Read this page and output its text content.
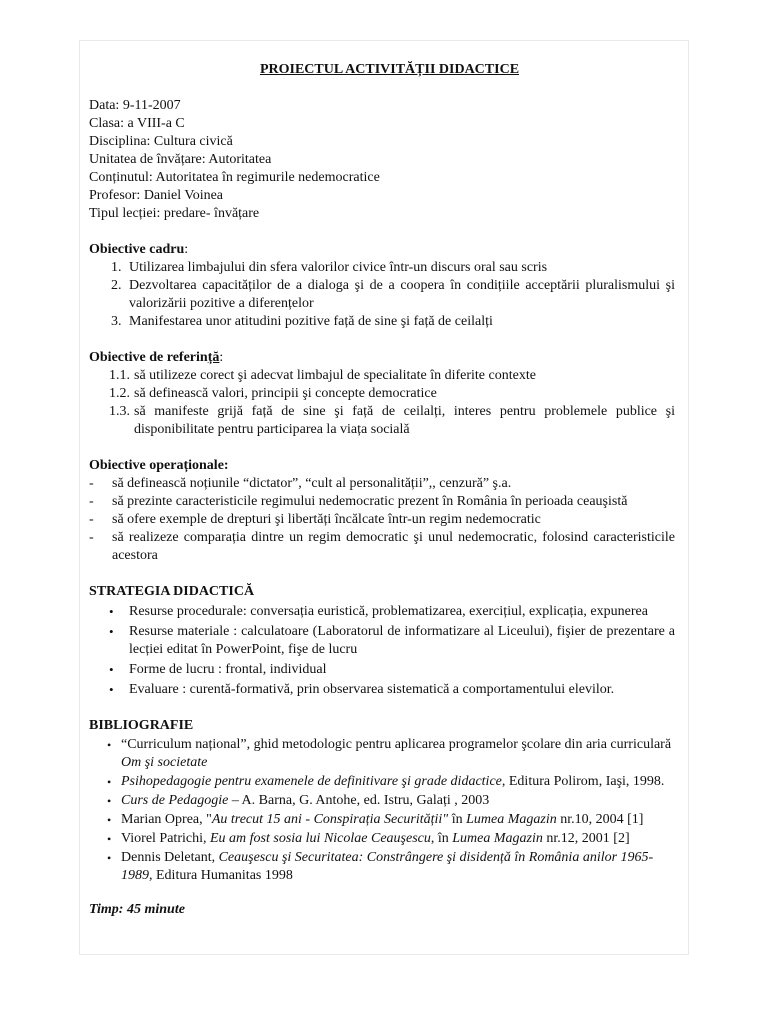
PROIECTUL ACTIVITĂȚII DIDACTICE
Data: 9-11-2007
Clasa: a VIII-a C
Disciplina: Cultura civică
Unitatea de învățare: Autoritatea
Conținutul: Autoritatea în regimurile nedemocratice
Profesor: Daniel Voinea
Tipul lecției: predare- învățare
Obiective cadru:
1. Utilizarea limbajului din sfera valorilor civice într-un discurs oral sau scris
2. Dezvoltarea capacităților de a dialoga şi de a coopera în condițiile acceptării pluralismului şi valorizării pozitive a diferențelor
3. Manifestarea unor atitudini pozitive față de sine şi față de ceilalți
Obiective de referință:
1.1. să utilizeze corect şi adecvat limbajul de specialitate în diferite contexte
1.2. să definească valori, principii şi concepte democratice
1.3. să manifeste grijă față de sine şi față de ceilalți, interes pentru problemele publice şi disponibilitate pentru participarea la viața socială
Obiective operaționale:
- să definească noțiunile “dictator”, “cult al personalității”,, cenzură” ş.a.
- să prezinte caracteristicile regimului nedemocratic prezent în România în perioada ceauşistă
- să ofere exemple de drepturi şi libertăți încălcate într-un regim nedemocratic
- să realizeze comparația dintre un regim democratic şi unul nedemocratic, folosind caracteristicile acestora
STRATEGIA DIDACTICĂ
• Resurse procedurale: conversația euristică, problematizarea, exercițiul, explicația, expunerea
• Resurse materiale : calculatoare (Laboratorul de informatizare al Liceului), fişier de prezentare a lecției editat în PowerPoint, fişe de lucru
• Forme de lucru : frontal, individual
• Evaluare : curentă-formativă, prin observarea sistematică a comportamentului elevilor.
BIBLIOGRAFIE
• “Curriculum național”, ghid metodologic pentru aplicarea programelor şcolare din aria curriculară Om şi societate
• Psihopedagogie pentru examenele de definitivare şi grade didactice, Editura Polirom, Iaşi, 1998.
• Curs de Pedagogie – A. Barna, G. Antohe, ed. Istru, Galați , 2003
• Marian Oprea, "Au trecut 15 ani - Conspirația Securității" în Lumea Magazin nr.10, 2004 [1]
• Viorel Patrichi, Eu am fost sosia lui Nicolae Ceauşescu, în Lumea Magazin nr.12, 2001 [2]
• Dennis Deletant, Ceauşescu şi Securitatea: Constrângere şi disidență în România anilor 1965-1989, Editura Humanitas 1998
Timp: 45 minute
